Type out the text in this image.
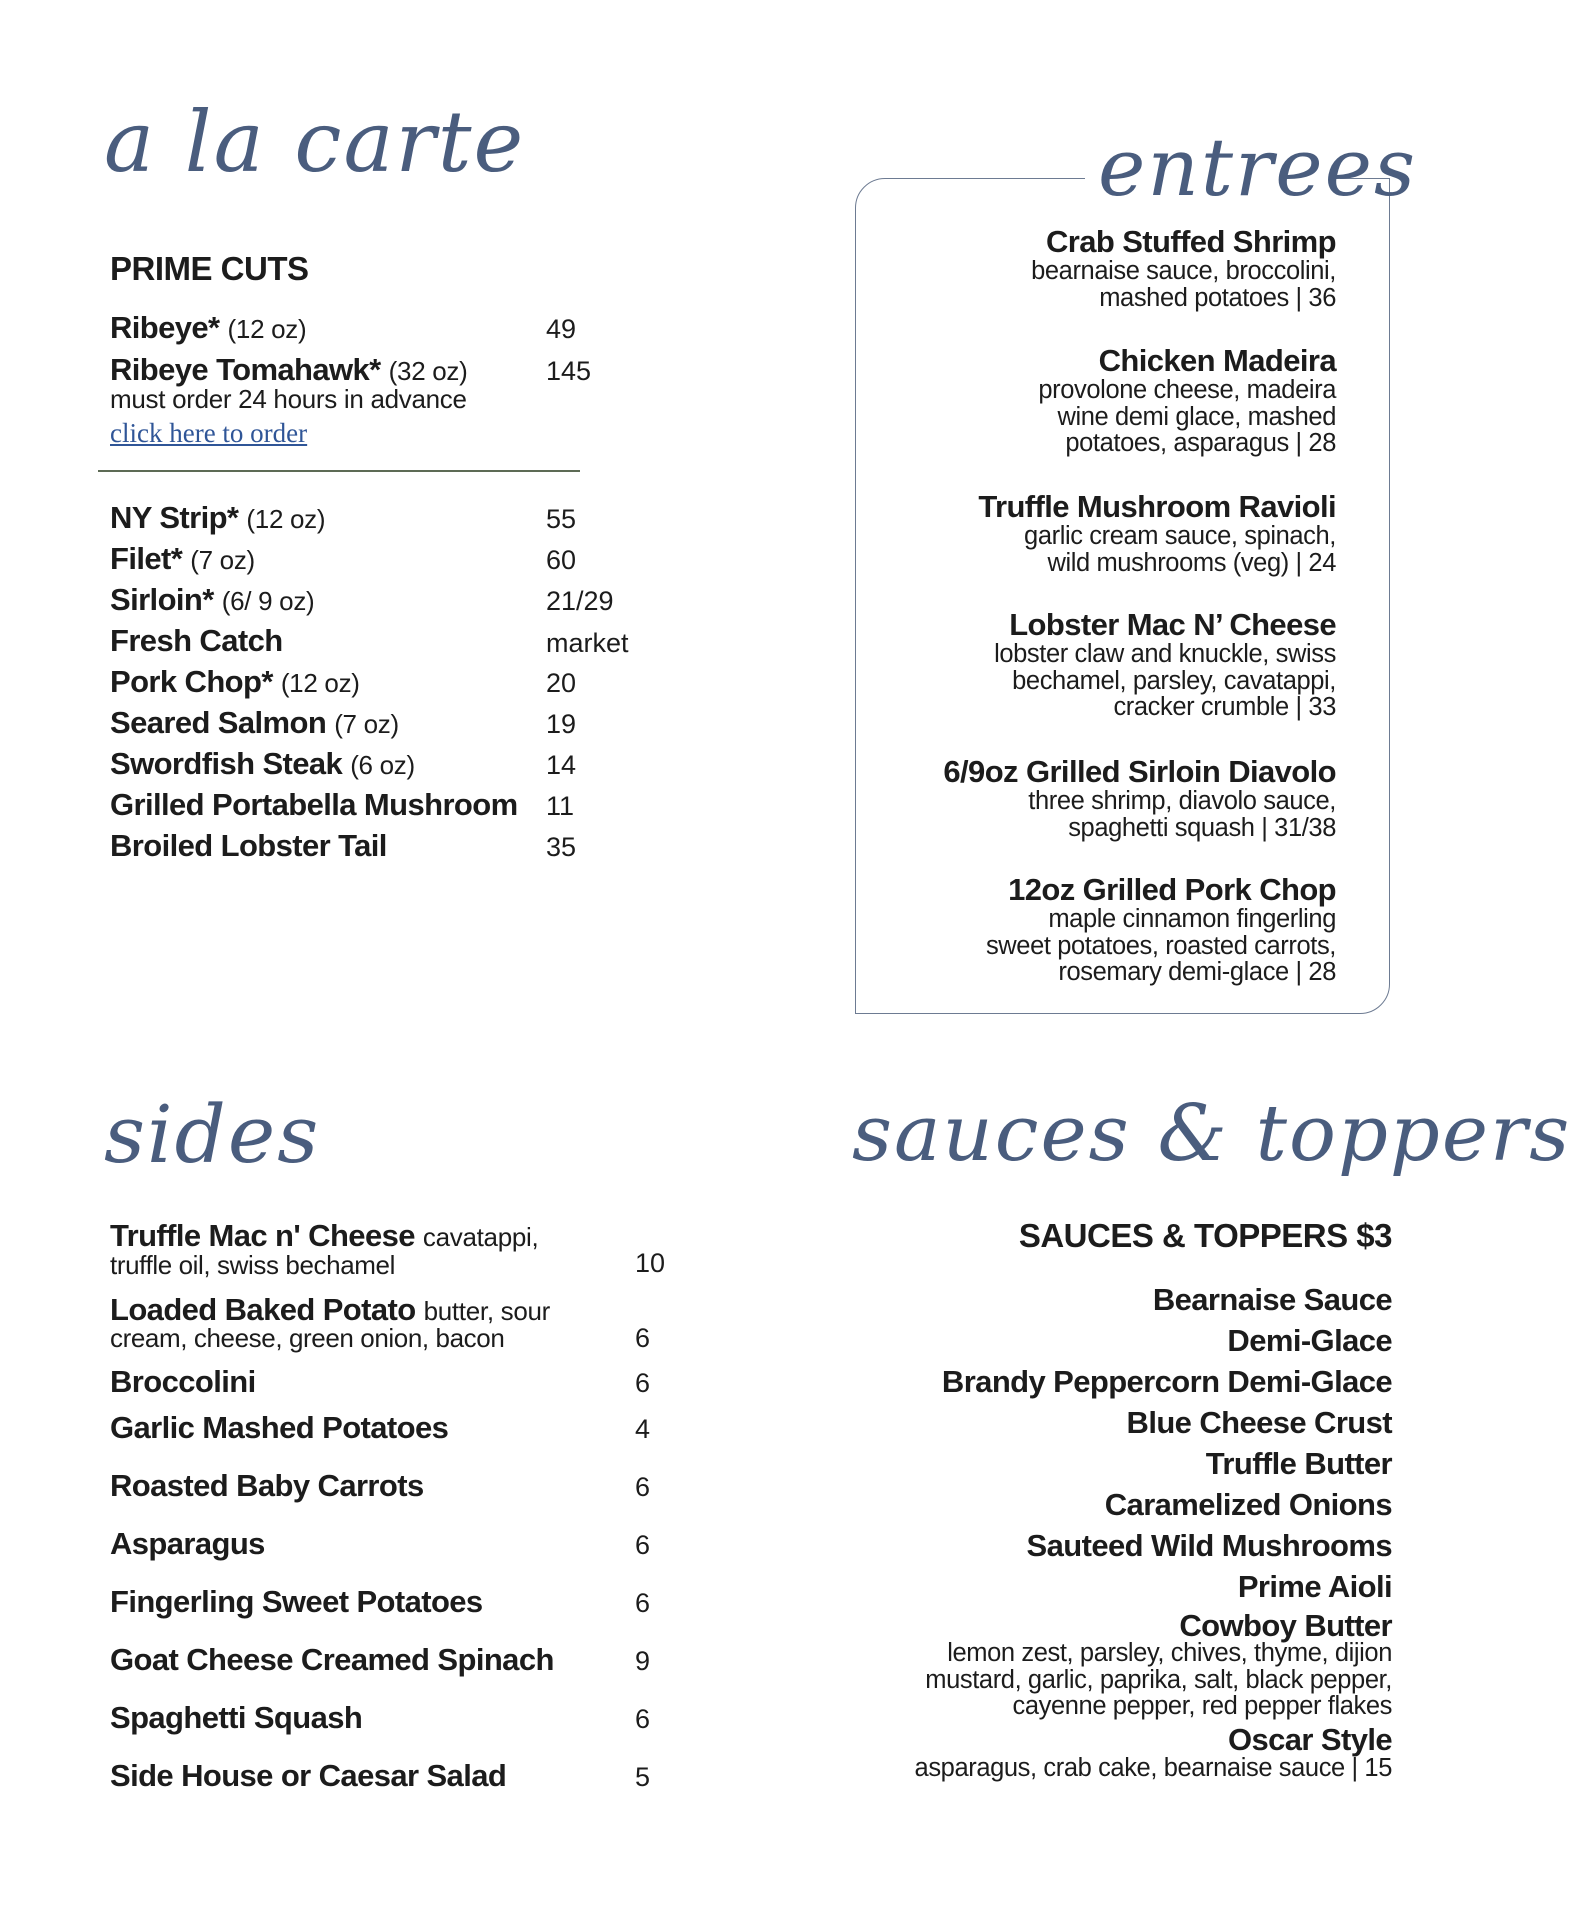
a la carte
PRIME CUTS
Ribeye* (12 oz)	49
Ribeye Tomahawk* (32 oz)	145
must order 24 hours in advance
click here to order
NY Strip* (12 oz)	55
Filet* (7 oz)	60
Sirloin* (6/ 9 oz)	21/29
Fresh Catch	market
Pork Chop* (12 oz)	20
Seared Salmon (7 oz)	19
Swordfish Steak (6 oz)	14
Grilled Portabella Mushroom 11
Broiled Lobster Tail	35
entrees
Crab Stuffed Shrimp
bearnaise sauce, broccolini,
mashed potatoes | 36
Chicken Madeira
provolone cheese, madeira
wine demi glace, mashed
potatoes, asparagus | 28
Truffle Mushroom Ravioli
garlic cream sauce, spinach,
wild mushrooms (veg) | 24
Lobster Mac N’ Cheese
lobster claw and knuckle, swiss
bechamel, parsley, cavatappi,
cracker crumble | 33
6/9oz Grilled Sirloin Diavolo
three shrimp, diavolo sauce,
spaghetti squash | 31/38
12oz Grilled Pork Chop
maple cinnamon fingerling
sweet potatoes, roasted carrots,
rosemary demi-glace | 28
sides
Truffle Mac n' Cheese cavatappi,
truffle oil, swiss bechamel	10
Loaded Baked Potato butter, sour
cream, cheese, green onion, bacon	6
Broccolini	6
Garlic Mashed Potatoes	4
Roasted Baby Carrots	6
Asparagus	6
Fingerling Sweet Potatoes	6
Goat Cheese Creamed Spinach	9
Spaghetti Squash	6
Side House or Caesar Salad	5
sauces & toppers
SAUCES & TOPPERS $3
Bearnaise Sauce
Demi-Glace
Brandy Peppercorn Demi-Glace
Blue Cheese Crust
Truffle Butter
Caramelized Onions
Sauteed Wild Mushrooms
Prime Aioli
Cowboy Butter
lemon zest, parsley, chives, thyme, dijion
mustard, garlic, paprika, salt, black pepper,
cayenne pepper, red pepper flakes
Oscar Style
asparagus, crab cake, bearnaise sauce | 15
